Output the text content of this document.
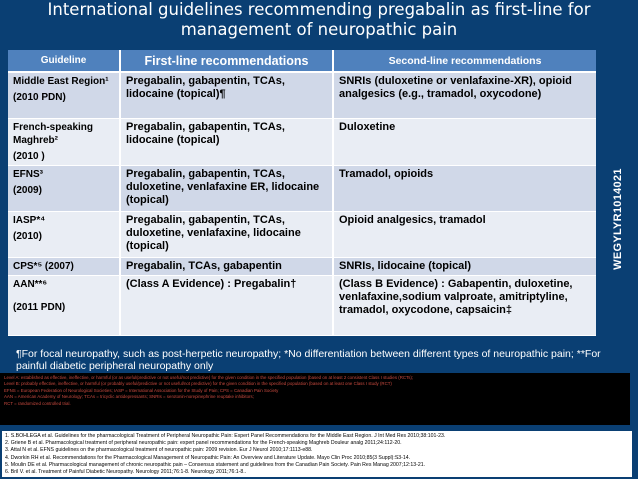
International guidelines recommending pregabalin as first-line for management of neuropathic pain
WEGYLYR1014021
Guideline	First-line recommendations	Second-line recommendations
Middle East Region¹
(2010 PDN)	Pregabalin, gabapentin, TCAs, lidocaine (topical)¶	SNRIs (duloxetine or venlafaxine-XR), opioid analgesics (e.g., tramadol, oxycodone)
French-speaking Maghreb²
(2010 )	Pregabalin, gabapentin, TCAs, lidocaine (topical)	Duloxetine
EFNS³
(2009)	Pregabalin, gabapentin, TCAs, duloxetine, venlafaxine ER, lidocaine (topical)	Tramadol, opioids
IASP*⁴
(2010)	Pregabalin, gabapentin, TCAs, duloxetine, venlafaxine, lidocaine (topical)	Opioid analgesics, tramadol
CPS*⁵ (2007)	Pregabalin, TCAs, gabapentin	SNRIs, lidocaine (topical)
AAN**⁶
(2011 PDN)	(Class A Evidence) : Pregabalin†	(Class B Evidence) : Gabapentin, duloxetine, venlafaxine,sodium valproate, amitriptyline, tramadol, oxycodone, capsaicin‡
¶For focal neuropathy, such as post-herpetic neuropathy; *No differentiation between different types of neuropathic pain; **For painful diabetic peripheral neuropathy only
Level A: established as effective, ineffective, or harmful (or as useful/predictive or not useful/not predictive) for the given condition in the specified population (based on at least 2 consistent Class I studies (RCTs);
Level B: probably effective, ineffective, or harmful (or probably useful/predictive or not useful/not predictive) for the given condition in the specified population (based on at least one Class I study (RCT)
EFNS = European Federation of Neurological Societies; IASP = International Association for the Study of Pain; CPS = Canadian Pain Society
AAN = American Academy of Neurology; TCAs = tricyclic antidepressants; SNRIs = serotonin-norepinephrine reuptake inhibitors;
RCT = randomized controlled trial.
1. S.BOHLEGA et al. Guidelines for the pharmacological Treatment of Peripheral Neuropathic Pain: Expert Panel Recommendations for the Middle East Region. J Int Med Res 2010;38:101-23.
2. Griene B et al. Pharmacological treatment of peripheral neuropathic pain: expert panel recommendations for the French-speaking Maghreb Douleur analg 2011;24:112-20.
3. Attal N et al. EFNS guidelines on the pharmacological treatment of neuropathic pain: 2009 revision. Eur J Neurol 2010;17:1113-e88.
4. Dworkin RH et al. Recommendations for the Pharmacological Management of Neuropathic Pain: An Overview and Literature Update. Mayo Clin Proc 2010;85(3 Suppl):S3-14.
5. Moulin DE et al. Pharmacological management of chronic neuropathic pain – Consensus statement and guidelines from the Canadian Pain Society. Pain Res Manag 2007;12:13-21.
6. Bril V. et al. Treatment of Painful Diabetic Neuropathy. Neurology 2011;76:1-8. Neurology 2011;76:1-8..
